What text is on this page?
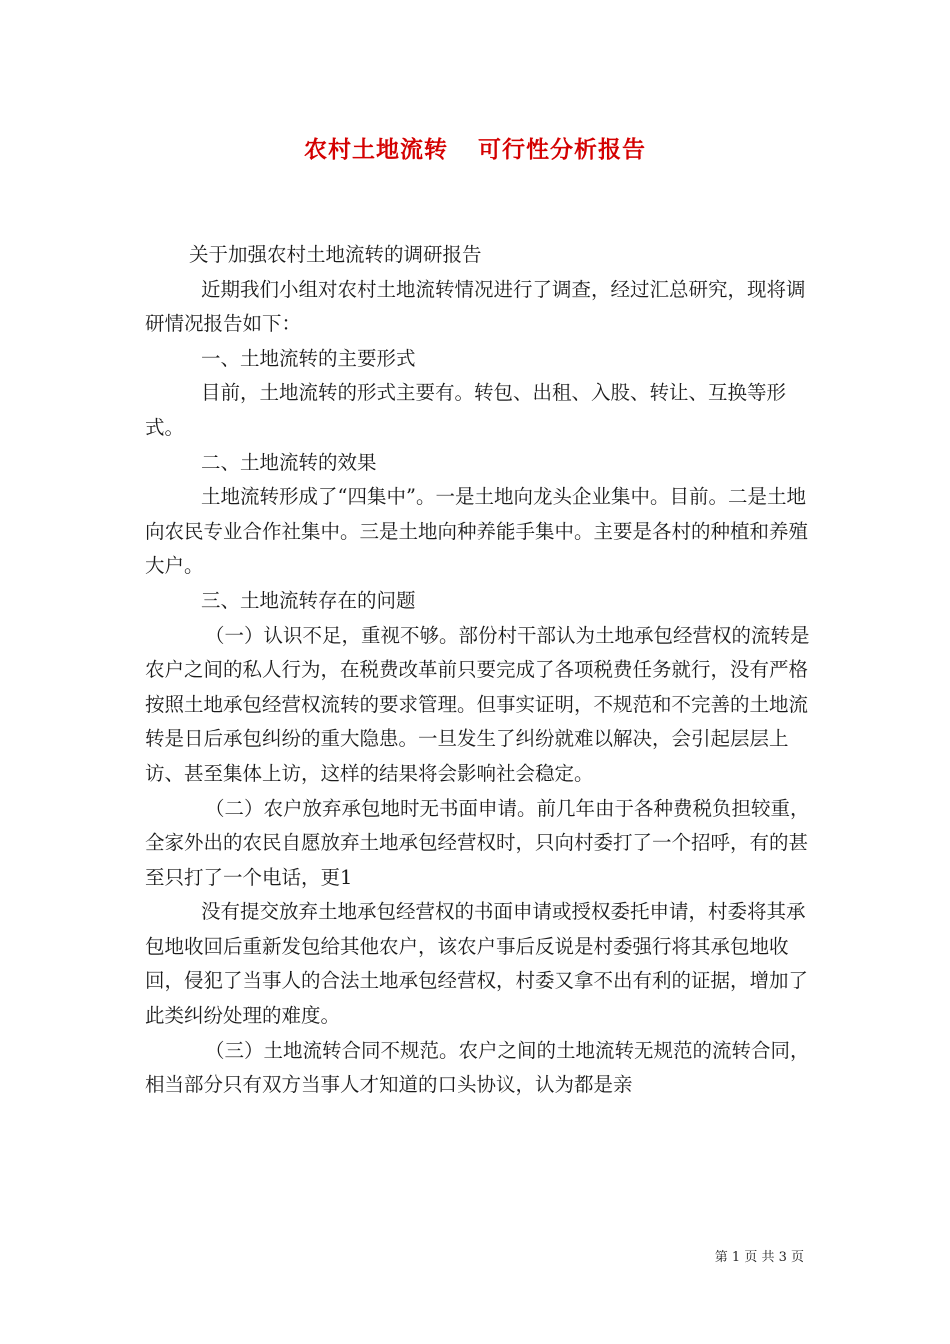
农村土地流转 可行性分析报告

关于加强农村土地流转的调研报告

近期我们小组对农村土地流转情况进行了调查，经过汇总研究，现将调研情况报告如下：

一、土地流转的主要形式

目前，土地流转的形式主要有。转包、出租、入股、转让、互换等形式。

二、土地流转的效果

土地流转形成了“四集中”。一是土地向龙头企业集中。目前。二是土地向农民专业合作社集中。三是土地向种养能手集中。主要是各村的种植和养殖大户。

三、土地流转存在的问题

（一）认识不足，重视不够。部份村干部认为土地承包经营权的流转是农户之间的私人行为，在税费改革前只要完成了各项税费任务就行，没有严格按照土地承包经营权流转的要求管理。但事实证明，不规范和不完善的土地流转是日后承包纠纷的重大隐患。一旦发生了纠纷就难以解决，会引起层层上访、甚至集体上访，这样的结果将会影响社会稳定。

（二）农户放弃承包地时无书面申请。前几年由于各种费税负担较重，全家外出的农民自愿放弃土地承包经营权时，只向村委打了一个招呼，有的甚至只打了一个电话，更1

没有提交放弃土地承包经营权的书面申请或授权委托申请，村委将其承包地收回后重新发包给其他农户，该农户事后反说是村委强行将其承包地收回，侵犯了当事人的合法土地承包经营权，村委又拿不出有利的证据，增加了此类纠纷处理的难度。

（三）土地流转合同不规范。农户之间的土地流转无规范的流转合同，相当部分只有双方当事人才知道的口头协议，认为都是亲

第 1 页 共 3 页
